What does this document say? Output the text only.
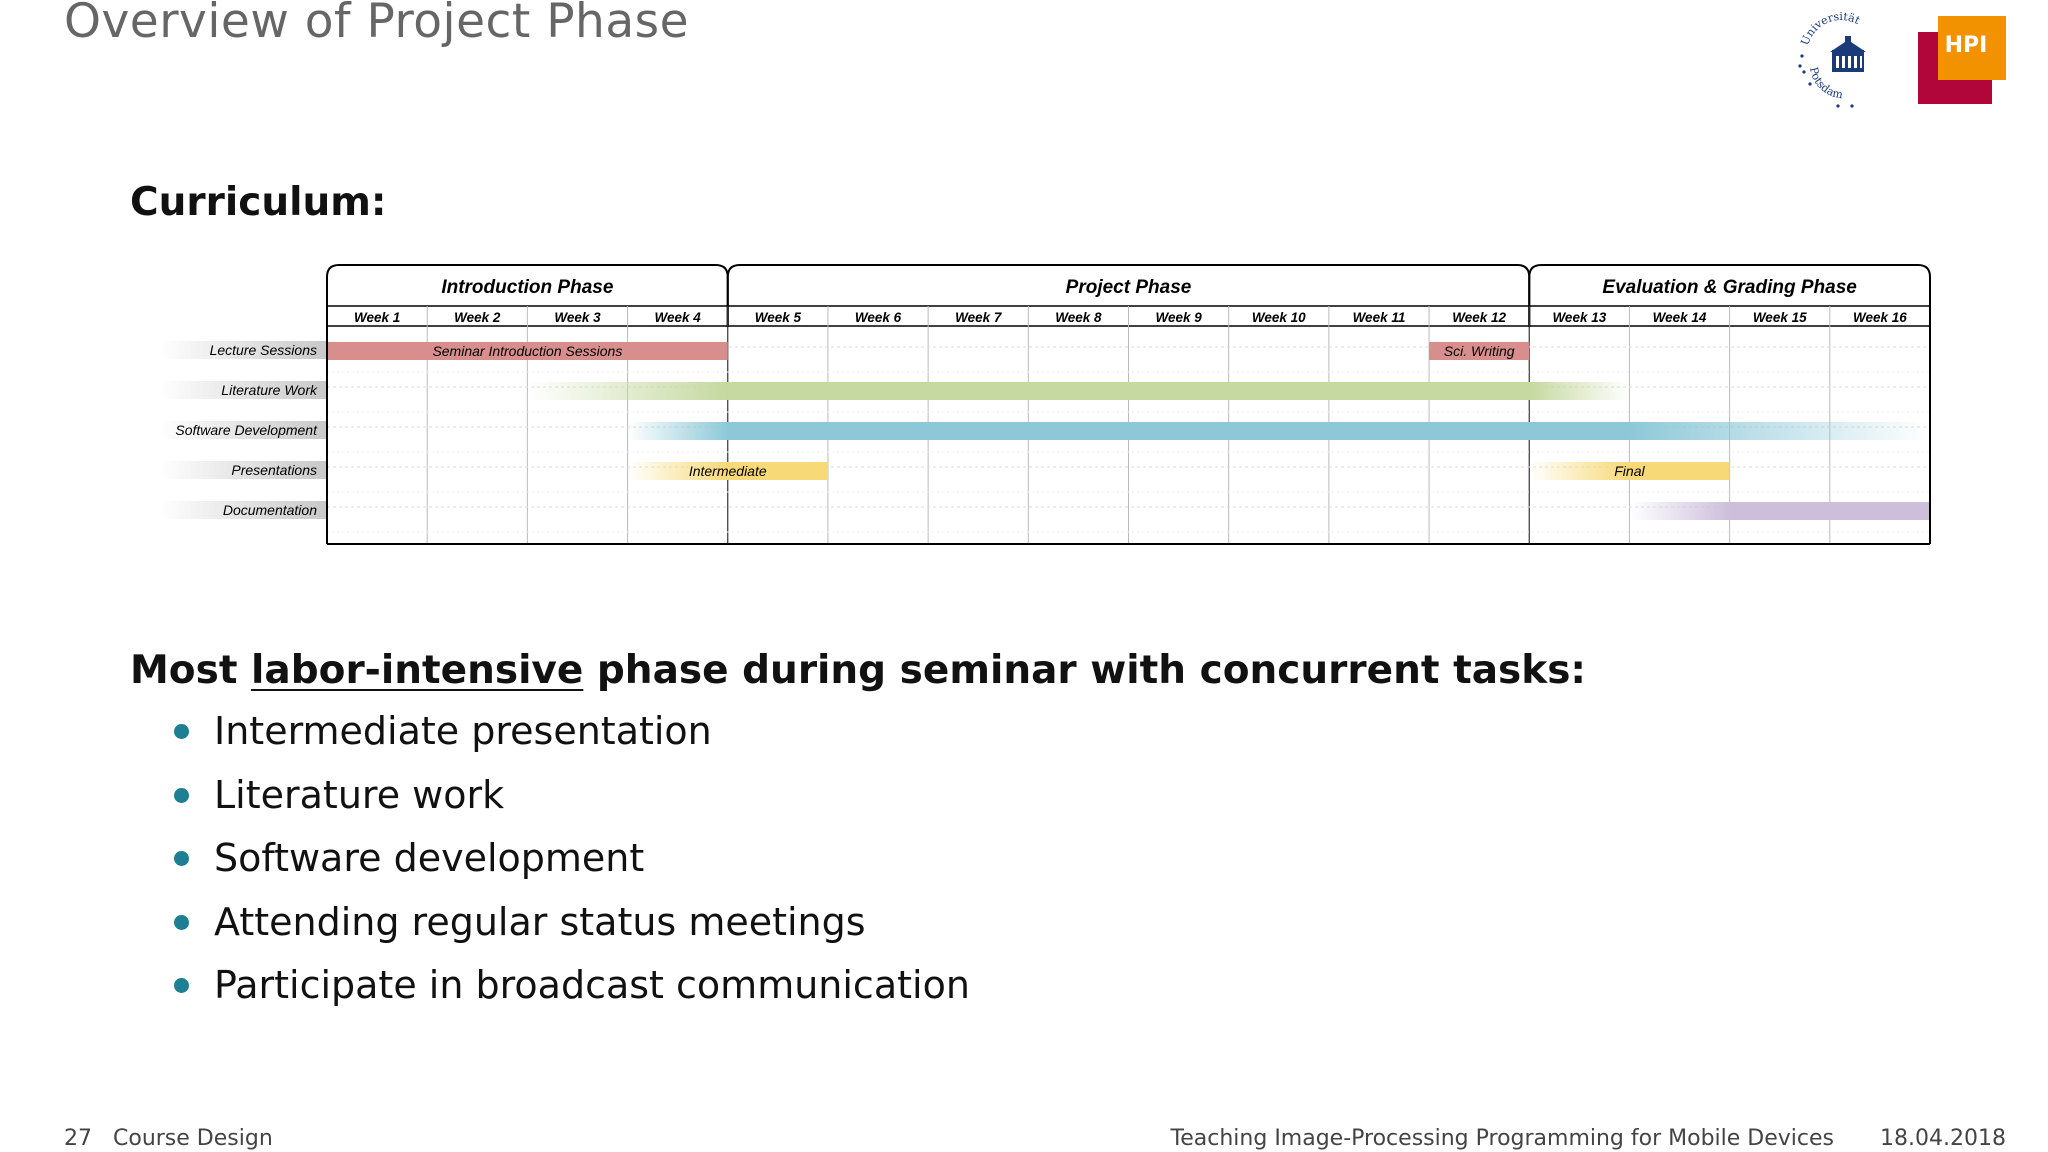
Overview of Project Phase	Universität
Potsdam
HPI
Curriculum:
Introduction Phase	Project Phase	Evaluation & Grading Phase
Week 1	Week 2	Week 3	Week 4	Week 5	Week 6	Week 7	Week 8	Week 9	Week 10	Week 11	Week 12	Week 13	Week 14	Week 15	Week 16
Lecture Sessions	Seminar Introduction Sessions	Sci. Writing
Literature Work
Software Development
Presentations	Intermediate	Final
Documentation
Most labor-intensive phase during seminar with concurrent tasks:
Intermediate presentation
Literature work
Software development
Attending regular status meetings
Participate in broadcast communication
27 Course Design	Teaching Image-Processing Programming for Mobile Devices 18.04.2018
